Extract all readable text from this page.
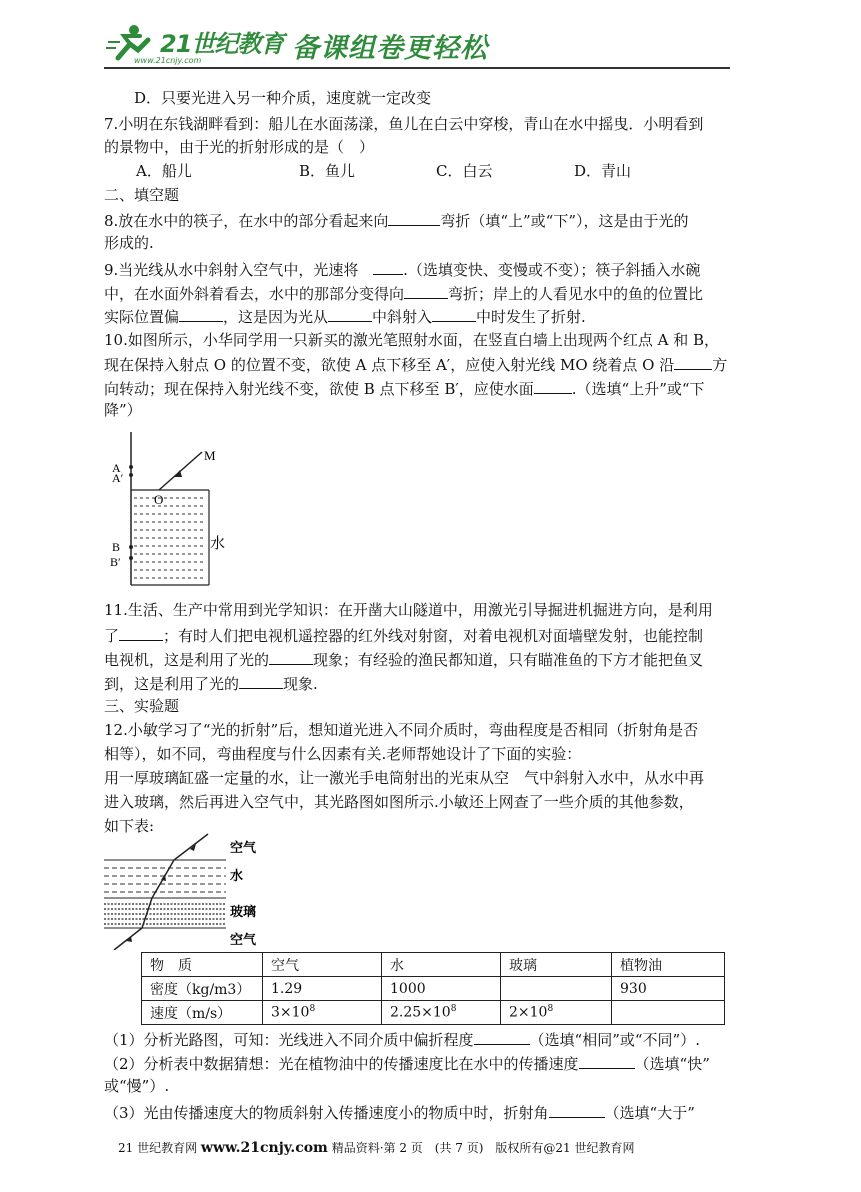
21世纪教育
www.21cnjy.com	备课组卷更轻松
D．只要光进入另一种介质，速度就一定改变
7.小明在东钱湖畔看到：船儿在水面荡漾，鱼儿在白云中穿梭，青山在水中摇曳．小明看到
的景物中，由于光的折射形成的是（　）
A．船儿	B．鱼儿	C．白云	D．青山
二、填空题
8.放在水中的筷子，在水中的部分看起来向	弯折（填“上”或“下”），这是由于光的
形成的.
9.当光线从水中斜射入空气中，光速将	.（选填变快、变慢或不变）；筷子斜插入水碗
中，在水面外斜着看去，水中的那部分变得向	弯折；岸上的人看见水中的鱼的位置比
实际位置偏	，这是因为光从	中斜射入	中时发生了折射.
10.如图所示，小华同学用一只新买的激光笔照射水面，在竖直白墙上出现两个红点 A 和 B，
现在保持入射点 O 的位置不变，欲使 A 点下移至 A′，应使入射光线 MO 绕着点 O 沿	方
向转动；现在保持入射光线不变，欲使 B 点下移至 B′，应使水面	.（选填“上升”或“下
降”）
A
A′
M
O
B
B′
水
11.生活、生产中常用到光学知识：在开凿大山隧道中，用激光引导掘进机掘进方向，是利用
了	；有时人们把电视机遥控器的红外线对射窗，对着电视机对面墙壁发射，也能控制
电视机，这是利用了光的	现象；有经验的渔民都知道，只有瞄准鱼的下方才能把鱼叉
到，这是利用了光的	现象.
三、实验题
12.小敏学习了“光的折射”后，想知道光进入不同介质时，弯曲程度是否相同（折射角是否
相等），如不同，弯曲程度与什么因素有关.老师帮她设计了下面的实验：
用一厚玻璃缸盛一定量的水，让一激光手电筒射出的光束从空　气中斜射入水中，从水中再
进入玻璃，然后再进入空气中，其光路图如图所示.小敏还上网查了一些介质的其他参数，
如下表:
空气
水
玻璃
空气
物　质	空气	水	玻璃	植物油
密度（kg/m3）	1.29	1000		930
速度（m/s）	$3\times 10^8$	$2.25\times 10^8$	$2\times 10^8$	
（1）分析光路图，可知：光线进入不同介质中偏折程度	（选填“相同”或“不同”）.
（2）分析表中数据猜想：光在植物油中的传播速度比在水中的传播速度	（选填“快”
或“慢”）.
（3）光由传播速度大的物质斜射入传播速度小的物质中时，折射角	（选填“大于”
21 世纪教育网 www.21cnjy.com 精品资料·第 2 页　(共 7 页)　版权所有@21 世纪教育网
